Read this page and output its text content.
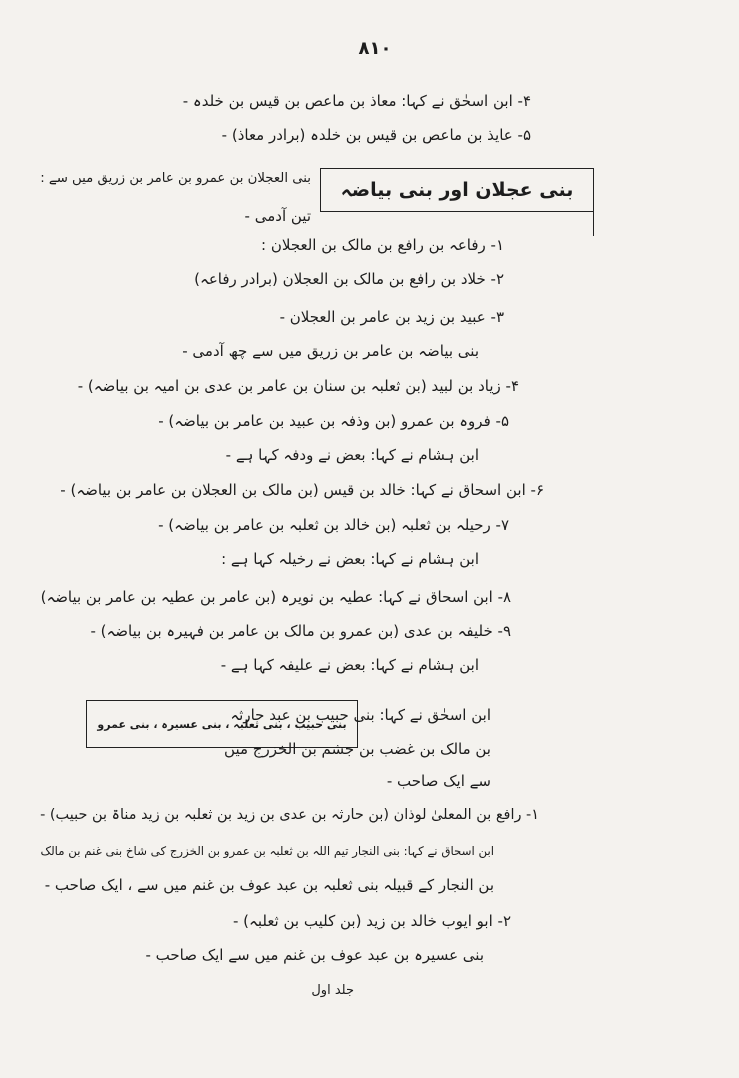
۸۱۰
۴- ابن اسحٰق نے کہا: معاذ بن ماعص بن قیس بن خلدہ -
۵- عایذ بن ماعص بن قیس بن خلدہ (برادر معاذ) -
بنی عجلان اور بنی بیاضہ
بنی العجلان بن عمرو بن عامر بن زریق میں سے :
تین آدمی -
۱- رفاعہ بن رافع بن مالک بن العجلان :
۲- خلاد بن رافع بن مالک بن العجلان (برادر رفاعہ)
۳- عبید بن زید بن عامر بن العجلان -
بنی بیاضہ بن عامر بن زریق میں سے چھ آدمی -
۴- زیاد بن لبید (بن ثعلبہ بن سنان بن عامر بن عدی بن امیہ بن بیاضہ) -
۵- فروہ بن عمرو (بن وذفہ بن عبید بن عامر بن بیاضہ) -
ابن ہشام نے کہا: بعض نے ودفہ کہا ہے -
۶- ابن اسحاق نے کہا: خالد بن قیس (بن مالک بن العجلان بن عامر بن بیاضہ) -
۷- رحیلہ بن ثعلبہ (بن خالد بن ثعلبہ بن عامر بن بیاضہ) -
ابن ہشام نے کہا: بعض نے رخیلہ کہا ہے :
۸- ابن اسحاق نے کہا: عطیہ بن نویرہ (بن عامر بن عطیہ بن عامر بن بیاضہ)
۹- خلیفہ بن عدی (بن عمرو بن مالک بن عامر بن فہیرہ بن بیاضہ) -
ابن ہشام نے کہا: بعض نے علیفہ کہا ہے -
بنی حبیب ، بنی ثعلبہ ، بنی عسیرہ ، بنی عمرو
ابن اسحٰق نے کہا: بنی حبیب بن عبد حارثہ
بن مالک بن غضب بن جشم بن الخزرج میں
سے ایک صاحب -
۱- رافع بن المعلیٰ لوذان (بن حارثہ بن عدی بن زید بن ثعلبہ بن زید مناۃ بن حبیب) -
ابن اسحاق نے کہا: بنی النجار تیم اللہ بن ثعلبہ بن عمرو بن الخزرج کی شاخ بنی غنم بن مالک
بن النجار کے قبیلہ بنی ثعلبہ بن عبد عوف بن غنم میں سے ، ایک صاحب -
۲- ابو ایوب خالد بن زید (بن کلیب بن ثعلبہ) -
بنی عسیرہ بن عبد عوف بن غنم میں سے ایک صاحب -
جلد اول
